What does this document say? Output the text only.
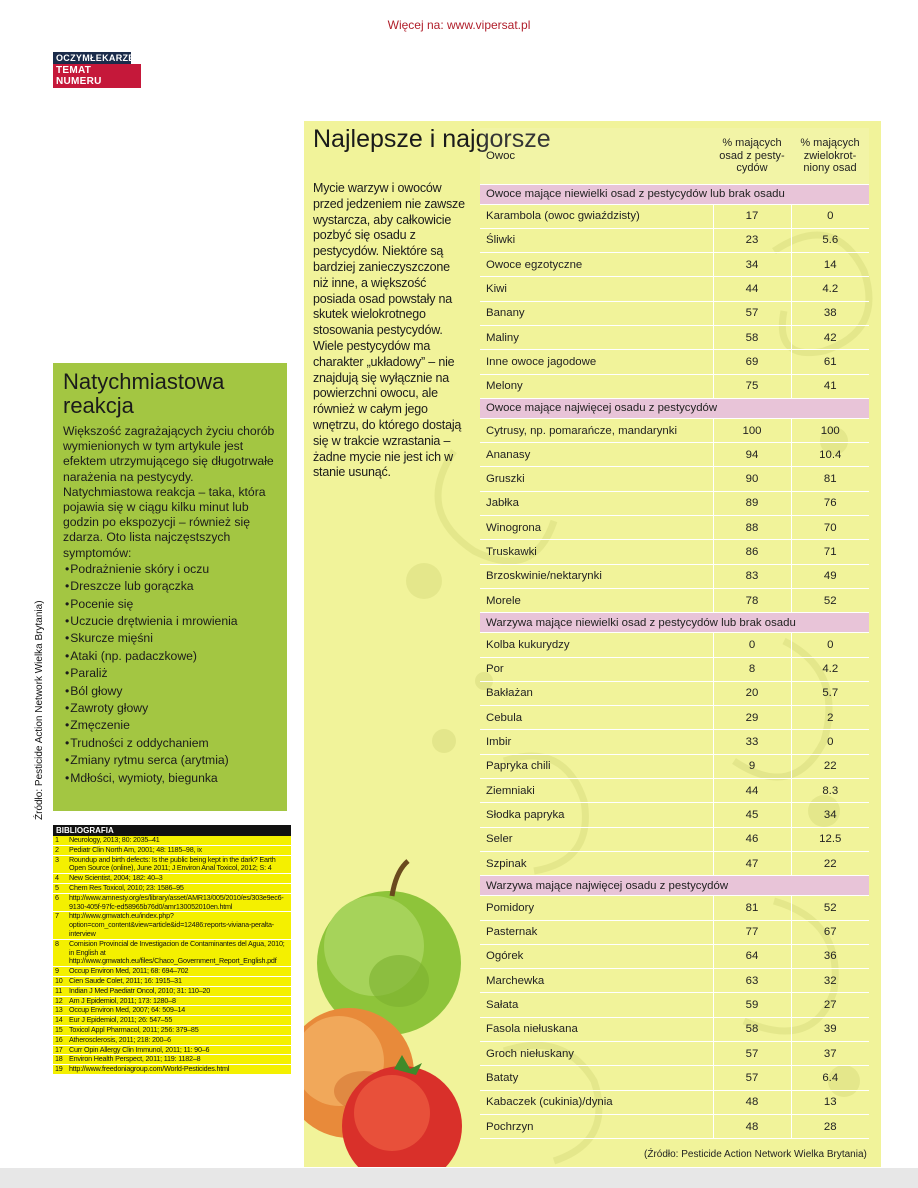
Więcej na: www.vipersat.pl
OCZYMŁEKARZE...
TEMAT NUMERU
Źródło: Pesticide Action Network Wielka Brytania)
Natychmiastowa reakcja

Większość zagrażających życiu chorób wymienionych w tym artykule jest efektem utrzymującego się długotrwałe narażenia na pestycydy. Natychmiastowa reakcja – taka, która pojawia się w ciągu kilku minut lub godzin po ekspozycji – również się zdarza. Oto lista najczęstszych symptomów:

• Podrażnienie skóry i oczu
• Dreszcze lub gorączka
• Pocenie się
• Uczucie drętwienia i mrowienia
• Skurcze mięśni
• Ataki (np. padaczkowe)
• Paraliż
• Ból głowy
• Zawroty głowy
• Zmęczenie
• Trudności z oddychaniem
• Zmiany rytmu serca (arytmia)
• Mdłości, wymioty, biegunka
BIBLIOGRAFIA
1	Neurology, 2013; 80: 2035–41
2	Pediatr Clin North Am, 2001; 48: 1185–98, ix
3	Roundup and birth defects: Is the public being kept in the dark? Earth Open Source (online), June 2011; J Environ Anal Toxicol, 2012; S: 4
4	New Scientist, 2004; 182: 40–3
5	Chem Res Toxicol, 2010; 23: 1586–95
6	http://www.amnesty.org/es/library/asset/AMR13/005/2010/es/303e9ec6-9130-405f-97fc-ed58965b76d0/amr130052010en.html
7	http://www.gmwatch.eu/index.php?option=com_content&view=article&id=12486:reports-viviana-peralta-interview
8	Comision Provincial de Investigacion de Contaminantes del Agua, 2010; in English at http://www.gmwatch.eu/files/Chaco_Government_Report_English.pdf
9	Occup Environ Med, 2011; 68: 694–702
10	Cien Saude Colet, 2011; 16: 1915–31
11	Indian J Med Paediatr Oncol, 2010; 31: 110–20
12	Am J Epidemiol, 2011; 173: 1280–8
13	Occup Environ Med, 2007; 64: 509–14
14	Eur J Epidemiol, 2011; 26: 547–55
15	Toxicol Appl Pharmacol, 2011; 256: 379–85
16	Atherosclerosis, 2011; 218: 200–6
17	Curr Opin Allergy Clin Immunol, 2011; 11: 90–6
18	Environ Health Perspect, 2011; 119: 1182–8
19	http://www.freedoniagroup.com/World-Pesticides.html
Najlepsze i najgorsze
Mycie warzyw i owoców przed jedzeniem nie zawsze wystarcza, aby całkowicie pozbyć się osadu z pestycydów. Niektóre są bardziej zanieczyszczone niż inne, a większość posiada osad powstały na skutek wielokrotnego stosowania pestycydów. Wiele pestycydów ma charakter „układowy” – nie znajdują się wyłącznie na powierzchni owocu, ale również w całym jego wnętrzu, do którego dostają się w trakcie wzrastania – żadne mycie nie jest ich w stanie usunąć.
Owoc	% mających osad z pesty-cydów	% mających zwielokrot-niony osad
Owoce mające niewielki osad z pestycydów lub brak osadu		
Karambola (owoc gwiaździsty)	17	0
Śliwki	23	5.6
Owoce egzotyczne	34	14
Kiwi	44	4.2
Banany	57	38
Maliny	58	42
Inne owoce jagodowe	69	61
Melony	75	41
Owoce mające najwięcej osadu z pestycydów		
Cytrusy, np. pomarańcze, mandarynki	100	100
Ananasy	94	10.4
Gruszki	90	81
Jabłka	89	76
Winogrona	88	70
Truskawki	86	71
Brzoskwinie/nektarynki	83	49
Morele	78	52
Warzywa mające niewielki osad z pestycydów lub brak osadu		
Kolba kukurydzy	0	0
Por	8	4.2
Bakłażan	20	5.7
Cebula	29	2
Imbir	33	0
Papryka chili	9	22
Ziemniaki	44	8.3
Słodka papryka	45	34
Seler	46	12.5
Szpinak	47	22
Warzywa mające najwięcej osadu z pestycydów		
Pomidory	81	52
Pasternak	77	67
Ogórek	64	36
Marchewka	63	32
Sałata	59	27
Fasola niełuskana	58	39
Groch niełuskany	57	37
Bataty	57	6.4
Kabaczek (cukinia)/dynia	48	13
Pochrzyn	48	28
(Źródło: Pesticide Action Network Wielka Brytania)
